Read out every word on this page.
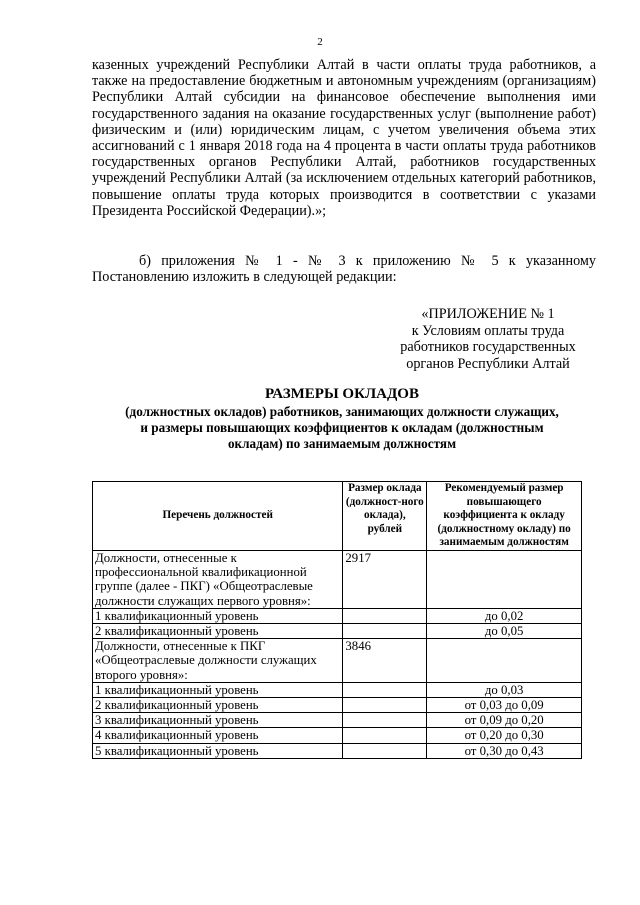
2

казенных учреждений Республики Алтай в части оплаты труда работников, а также на предоставление бюджетным и автономным учреждениям (организациям) Республики Алтай субсидии на финансовое обеспечение выполнения ими государственного задания на оказание государственных услуг (выполнение работ) физическим и (или) юридическим лицам, с учетом увеличения объема этих ассигнований с 1 января 2018 года на 4 процента в части оплаты труда работников государственных органов Республики Алтай, работников государственных учреждений Республики Алтай (за исключением отдельных категорий работников, повышение оплаты труда которых производится в соответствии с указами Президента Российской Федерации).»;

б) приложения № 1 - № 3 к приложению № 5 к указанному Постановлению изложить в следующей редакции:

«ПРИЛОЖЕНИЕ № 1
к Условиям оплаты труда
работников государственных
органов Республики Алтай
РАЗМЕРЫ ОКЛАДОВ
(должностных окладов) работников, занимающих должности служащих,
и размеры повышающих коэффициентов к окладам (должностным
окладам) по занимаемым должностям
Перечень должностей	Размер оклада (должност-ного оклада), рублей	Рекомендуемый размер повышающего коэффициента к окладу (должностному окладу) по занимаемым должностям
Должности, отнесенные к профессиональной квалификационной группе (далее - ПКГ) «Общеотраслевые должности служащих первого уровня»:	2917	
1 квалификационный уровень		до 0,02
2 квалификационный уровень		до 0,05
Должности, отнесенные к ПКГ «Общеотраслевые должности служащих второго уровня»:	3846	
1 квалификационный уровень		до 0,03
2 квалификационный уровень		от 0,03 до 0,09
3 квалификационный уровень		от 0,09 до 0,20
4 квалификационный уровень		от 0,20 до 0,30
5 квалификационный уровень		от 0,30 до 0,43
